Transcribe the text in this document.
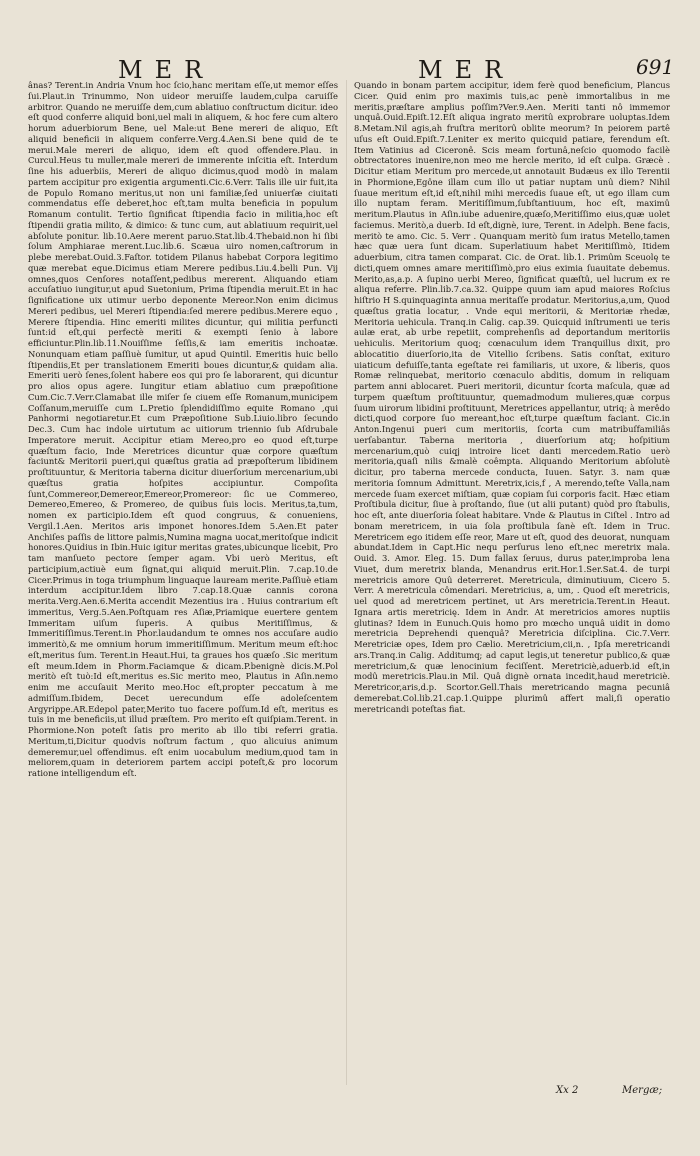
MER	MER	691

ânas? Terent.in Andria Vnum hoc ſcio,hanc meritam eſſe,ut memor eſſes ſui.Plaut.in Trinummo, Non uideor meruiſſe laudem,culpa caruiſſe arbitror. Quando ne meruiſſe dem,cum ablatiuo conſtructum dicitur. ideo eſt quod conferre aliquid boni,uel mali in aliquem, & hoc fere cum altero horum aduerbiorum Bene, uel Male:ut Bene mereri de aliquo, Eſt aliquid beneficii in aliquem conferre.Verg.4.Aen.Si bene quid de te merui.Male mereri de aliquo, idem eſt quod offendere.Plau. in Curcul.Heus tu muller,male mereri de immerente inſcitia eſt. Interdum ſine his aduerbiis, Mereri de aliquo dicimus,quod modò in malam partem accipitur pro exigentia argumenti.Cic.6.Verr. Talis ille uir fuit,ita de Populo Romano meritus,ut non uni familiæ,ſed uniuerſæ ciuitati commendatus eſſe deberet,hoc eſt,tam multa beneficia in populum Romanum contulit. Tertio ſignificat ſtipendia facio in militia,hoc eſt ſtipendii gratia milito, & dimico: & tunc cum, aut ablatiuum requirit,uel abſolute ponitur. lib.10.Aere merent paruo.Stat.lib.4.Thebaid.non hi ſibi ſolum Amphiarae merent.Luc.lib.6. Scæua uiro nomen,caſtrorum in plebe merebat.Ouid.3.Faſtor. totidem Pilanus habebat Corpora legitimo quæ merebat eque.Dicimus etiam Merere pedibus.Liu.4.belli Pun. Vij omnes,quos Cenſores notaſſent,pedibus mererent. Aliquando etiam accuſatiuo iungitur,ut apud Suetonium, Prima ſtipendia meruit.Et in hac ſignificatione uix utimur uerbo deponente Mereor.Non enim dicimus Mereri pedibus, uel Mereri ſtipendia:ſed merere pedibus.Merere equo , Merere ſtipendia. Hinc emeriti milites dicuntur, qui militia perfuncti ſunt:id eſt,qui perfectè meriti & exempti ſenio à labore efficiuntur.Plin.lib.11.Nouiſſime ſeſſis,& iam emeritis inchoatæ. Nonunquam etiam paſſiuè ſumitur, ut apud Quintil. Emeritis huic bello ſtipendiis,Et per translationem Emeriti boues dicuntur,& quidam alia. Emeriti uerò ſenes,ſolent habere eos qui pro ſe laborarent, qui dicuntur pro alios opus agere. Iungitur etiam ablatiuo cum præpoſitione Cum.Cic.7.Verr.Clamabat ille miſer ſe ciuem eſſe Romanum,municipem Coſſanum,meruiſſe cum L.Pretio ſplendidiſſimo equite Romano ,qui Panhormi negotiaretur.Et cum Præpoſitione Sub.Liuio.libro ſecundo Dec.3. Cum hac indole uirtutum ac uitiorum triennio ſub Aſdrubale Imperatore meruit. Accipitur etiam Mereo,pro eo quod eſt,turpe quæſtum facio, Inde Meretrices dicuntur quæ corpore quæſtum faciunt& Meritorii pueri,qui quæſtus gratia ad præpoſterum libidinem proſtituuntur, & Meritoria taberna dicitur diuerſorium mercenarium,ubi quæſtus gratia hoſpites accipiuntur. Compoſita ſunt,Commereor,Demereor,Emereor,Promereor: ſic ue Commereo, Demereo,Emereo, & Promereo, de quibus ſuis locis. Meritus,ta,tum, nomen ex participio.Idem eſt quod congruus, & conueniens, Vergil.1.Aen. Meritos aris imponet honores.Idem 5.Aen.Et pater Anchiſes paſſis de littore palmis,Numina magna uocat,meritoſque indicit honores.Quidius in Ibin.Huic igitur meritas grates,ubicunque licebit, Pro tam manſueto pectore ſemper agam. Vbi uerò Meritus, eſt participium,actiuè eum ſignat,qui aliquid meruit.Plin. 7.cap.10.de Cicer.Primus in toga triumphum linguaque lauream merite.Paſſiuè etiam interdum accipitur.Idem libro 7.cap.18.Quæ cannis corona merita.Verg.Aen.6.Merita accendit Mezentius ira . Huius contrarium eſt immeritus, Verg.5.Aen.Poſtquam res Aſiæ,Priamique euertere gentem Immeritam uiſum ſuperis. A quibus Meritiſſimus, & Immeritiſſimus.Terent.in Phor.laudandum te omnes nos accuſare audio immeritò,& me omnium horum immeritiſſimum. Meritum meum eſt:hoc eſt,meritus ſum. Terent.in Heaut.Hui, ta graues hos quæſo .Sic meritum eſt meum.Idem in Phorm.Faciamque & dicam.P.benignè dicis.M.Pol meritò eſt tuò:Id eſt,meritus es.Sic merito meo, Plautus in Aſin.nemo enim me accuſauit Merito meo.Hoc eſt,propter peccatum à me admiſſum.Ibidem, Decet uerecundum eſſe adoleſcentem Argyrippe.AR.Edepol pater,Merito tuo facere poſſum.Id eſt, meritus es tuis in me beneficiis,ut illud præſtem. Pro merito eſt quiſpiam.Terent. in Phormione.Non poteſt ſatis pro merito ab illo tibi referri gratia. Meritum,ti,Dicitur quodvis noſtrum factum , quo alicuius animum demeremur,uel offendimus. eſt enim uocabulum medium,quod tam in meliorem,quam in deteriorem partem accipi poteſt,& pro locorum ratione intelligendum eſt.

Quando in bonam partem accipitur, idem ferè quod beneficium, Plancus Cicer. Quid enim pro maximis tuis,ac penè immortalibus in me meritis,præſtare amplius poſſim?Ver.9.Aen. Meriti tanti nô immemor unquâ.Ouid.Epiſt.12.Eſt aliqua ingrato meritû exprobrare uoluptas.Idem 8.Metam.Nil agis,ah fruſtra meritorû oblite meorum? In peiorem partê uſus eſt Ouid.Epiſt.7.Leniter ex merito quicquid patiare, ferendum eſt. Item Vatinius ad Ciceronê. Scis meam fortunâ,neſcio quomodo facilè obtrectatores inuenire,non meo me hercle merito, id eſt culpa. Græcè . Dicitur etiam Meritum pro mercede,ut annotauit Budæus ex illo Terentii in Phormione,Egône illam cum illo ut patiar nuptam unû diem? Nihil ſuaue meritum eſt,id eſt,nihil mihi mercedis ſuaue eſt, ut ego illam cum illo nuptam feram. Meritiſſimum,ſubſtantiuum, hoc eſt, maximû meritum.Plautus in Aſin.iube aduenire,quæſo,Meritiſſimo eius,quæ uolet faciemus. Meritò,a duerb. Id eſt,dignè, iure, Terent. in Adelph. Bene facis, meritò te amo. Cic. 5. Verr . Quanquam meritò ſum iratus Metello,tamen hæc quæ uera ſunt dicam. Superlatiuum habet Meritiſſimò, Itidem aduerbium, citra tamen comparat. Cic. de Orat. lib.1. Primûm Sceuolę te dicti,quem omnes amare meritiſſimò,pro eius eximia ſuauitate debemus. Merito,as,a.p. A ſupino uerbi Mereo, ſignificat quæſtû, uel lucrum ex re aliqua referre. Plin.lib.7.ca.32. Quippe quum iam apud maiores Roſcius hiſtrio H S.quinquaginta annua meritaſſe prodatur. Meritorius,a,um, Quod quæſtus gratia locatur, . Vnde equi meritorii, & Meritoriæ rhedæ, Meritoria uehicula. Tranq.in Calig. cap.39. Quicquid inſtrumenti ue teris aulæ erat, ab urbe repetiit, comprehenſis ad deportandum meritoriis uehiculis. Meritorium quoq; cœnaculum idem Tranquillus dixit, pro ablocatitio diuerſorio,ita de Vitellio ſcribens. Satis conſtat, exituro uiaticum defuiſſe,tanta egeſtate rei familiaris, ut uxore, & liberis, quos Romæ relinquebat, meritorio cœnaculo abditis, domum in reliquam partem anni ablocaret. Pueri meritorii, dicuntur ſcorta maſcula, quæ ad turpem quæſtum proſtituuntur, quemadmodum mulieres,quæ corpus ſuum uirorum libidini proſtituunt, Meretrices appellantur, utriq; à merêdo dicti,quod corpore ſuo mereant,hoc eſt,turpe quæſtum faciant. Cic.in Anton.Ingenui pueri cum meritoriis, ſcorta cum matribuſfamiliâs uerſabantur. Taberna meritoria , diuerſorium atq; hoſpitium mercenarium,quò cuiqj introire licet danti mercedem.Ratio uerò meritoria,quaſi nilis &malè coêmpta. Aliquando Meritorium abſolutè dicitur, pro taberna mercede conducta, Iuuen. Satyr. 3. nam quæ meritoria ſomnum Admittunt. Meretrix,icis,f , A merendo,teſte Valla,nam mercede ſuam exercet miſtiam, quæ copiam ſui corporis facit. Hæc etiam Proſtibula dicitur, ſiue à proſtando, ſiue (ut alii putant) quòd pro ſtabulis, hoc eſt, ante diuerſoria ſoleat habitare. Vnde & Plautus in Ciſtel . Intro ad bonam meretricem, in uia ſola proſtibula ſanè eſt. Idem in Truc. Meretricem ego itidem eſſe reor, Mare ut eſt, quod des deuorat, nunquam abundat.Idem in Capt.Hic nequ perſurus leno eſt,nec meretrix mala. Ouid. 3. Amor. Eleg. 15. Dum fallax ſeruus, durus pater,improba lena Viuet, dum meretrix blanda, Menandrus erit.Hor.1.Ser.Sat.4. de turpi meretricis amore Quû deterreret. Meretricula, diminutiuum, Cicero 5. Verr. A meretricula cômendari. Meretricius, a, um, . Quod eſt meretricis, uel quod ad meretricem pertinet, ut Ars meretricia.Terent.in Heaut. Ignara artis meretricię. Idem in Andr. At meretricios amores nuptiis glutinas? Idem in Eunuch.Quis homo pro mœcho unquâ uidit in domo meretricia Deprehendi quenquâ? Meretricia diſciplina. Cic.7.Verr. Meretriciæ opes, Idem pro Cælio. Meretricium,cii,n. , Ipſa meretricandi ars.Tranq.in Calig. Additumq; ad caput legis,ut teneretur publico,& quæ meretricium,& quæ lenocinium feciſſent. Meretriciè,aduerb.id eſt,in modû meretricis.Plau.in Mil. Quâ dignè ornata incedit,haud meretriciè. Meretricor,aris,d.p. Scortor.Gell.Thais meretricando magna pecuniâ demerebat.Col.lib.21.cap.1.Quippe plurimû affert mali,ſi operatio meretricandi poteſtas fiat.

Xx 2	Mergæ;
